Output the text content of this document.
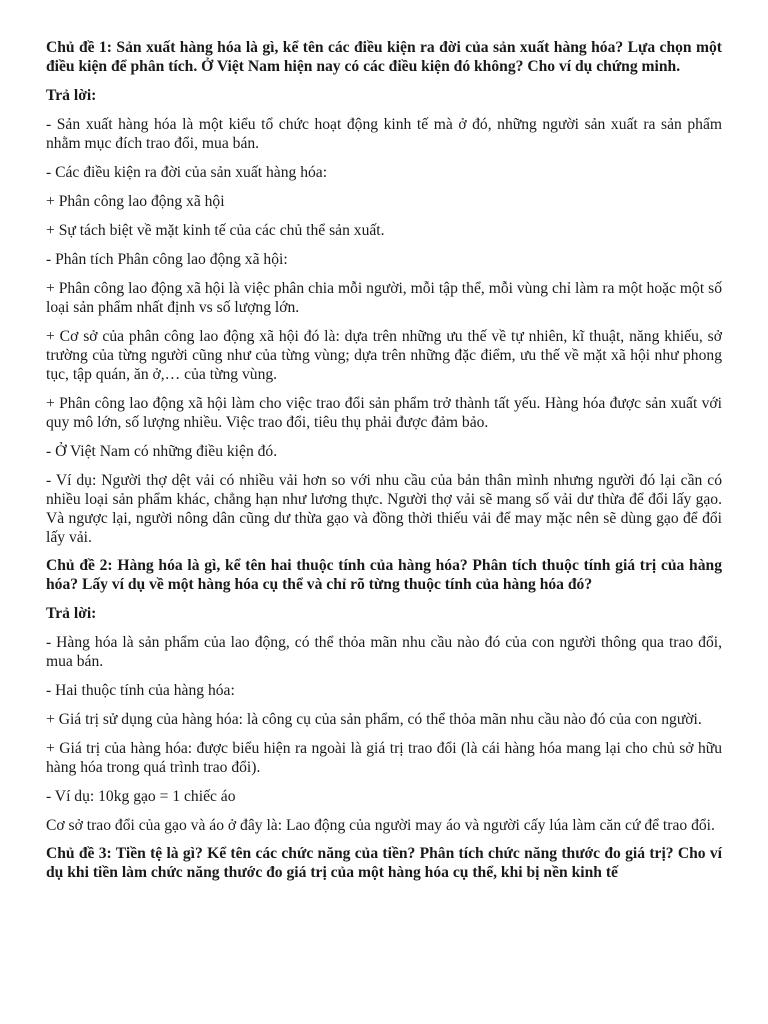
Chủ đề 1: Sản xuất hàng hóa là gì, kể tên các điều kiện ra đời của sản xuất hàng hóa? Lựa chọn một điều kiện để phân tích. Ở Việt Nam hiện nay có các điều kiện đó không? Cho ví dụ chứng minh.

Trả lời:

- Sản xuất hàng hóa là một kiểu tổ chức hoạt động kinh tế mà ở đó, những người sản xuất ra sản phẩm nhằm mục đích trao đổi, mua bán.

- Các điều kiện ra đời của sản xuất hàng hóa:

+ Phân công lao động xã hội

+ Sự tách biệt về mặt kinh tế của các chủ thể sản xuất.

- Phân tích Phân công lao động xã hội:

+ Phân công lao động xã hội là việc phân chia mỗi người, mỗi tập thể, mỗi vùng chỉ làm ra một hoặc một số loại sản phẩm nhất định vs số lượng lớn.

+ Cơ sở của phân công lao động xã hội đó là: dựa trên những ưu thế về tự nhiên, kĩ thuật, năng khiếu, sở trường của từng người cũng như của từng vùng; dựa trên những đặc điểm, ưu thế về mặt xã hội như phong tục, tập quán, ăn ở,… của từng vùng.

+ Phân công lao động xã hội làm cho việc trao đổi sản phẩm trở thành tất yếu. Hàng hóa được sản xuất với quy mô lớn, số lượng nhiều. Việc trao đổi, tiêu thụ phải được đảm bảo.

- Ở Việt Nam có những điều kiện đó.

- Ví dụ: Người thợ dệt vải có nhiều vải hơn so với nhu cầu của bản thân mình nhưng người đó lại cần có nhiều loại sản phẩm khác, chẳng hạn như lương thực. Người thợ vải sẽ mang số vải dư thừa để đổi lấy gạo. Và ngược lại, người nông dân cũng dư thừa gạo và đồng thời thiếu vải để may mặc nên sẽ dùng gạo để đổi lấy vải.

Chủ đề 2: Hàng hóa là gì, kể tên hai thuộc tính của hàng hóa? Phân tích thuộc tính giá trị của hàng hóa? Lấy ví dụ về một hàng hóa cụ thể và chỉ rõ từng thuộc tính của hàng hóa đó?

Trả lời:

- Hàng hóa là sản phẩm của lao động, có thể thỏa mãn nhu cầu nào đó của con người thông qua trao đổi, mua bán.

- Hai thuộc tính của hàng hóa:

+ Giá trị sử dụng của hàng hóa: là công cụ của sản phẩm, có thể thỏa mãn nhu cầu nào đó của con người.

+ Giá trị của hàng hóa: được biểu hiện ra ngoài là giá trị trao đổi (là cái hàng hóa mang lại cho chủ sở hữu hàng hóa trong quá trình trao đổi).

- Ví dụ: 10kg gạo = 1 chiếc áo

Cơ sở trao đổi của gạo và áo ở đây là: Lao động của người may áo và người cấy lúa làm căn cứ để trao đổi.

Chủ đề 3: Tiền tệ là gì? Kể tên các chức năng của tiền? Phân tích chức năng thước đo giá trị? Cho ví dụ khi tiền làm chức năng thước đo giá trị của một hàng hóa cụ thể, khi bị nền kinh tế
